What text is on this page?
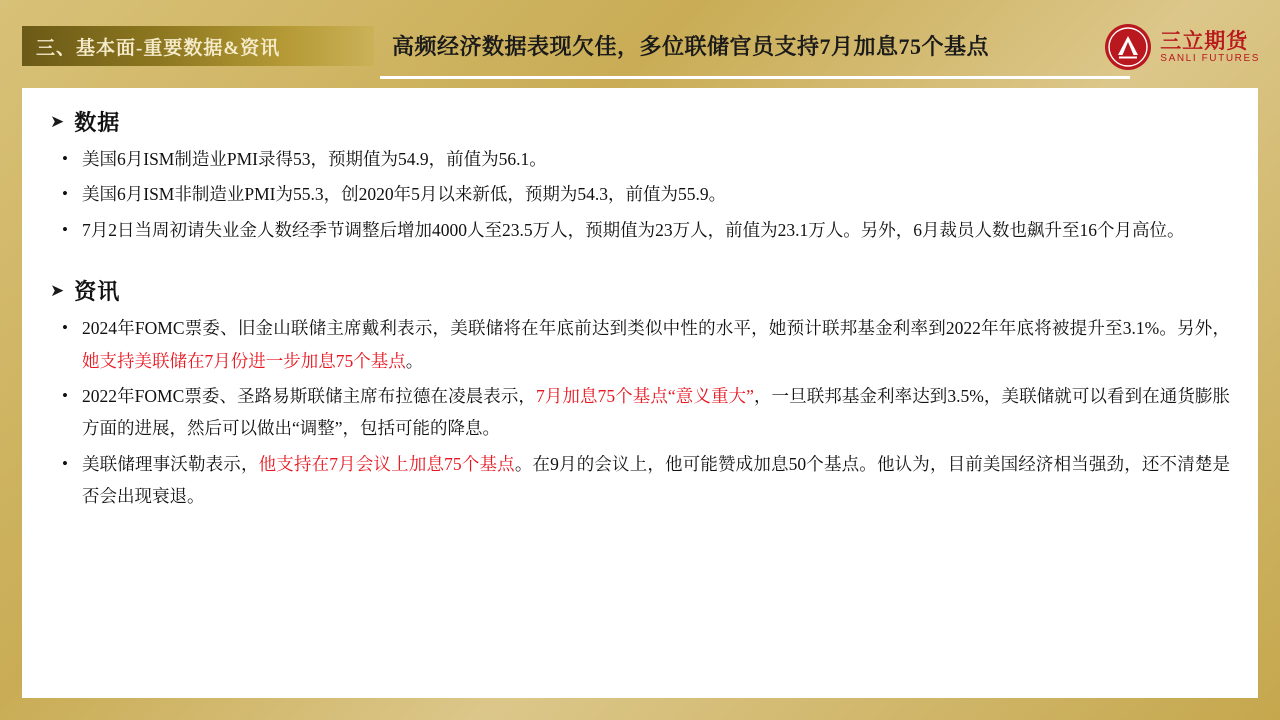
三、基本面-重要数据&资讯	高频经济数据表现欠佳，多位联储官员支持7月加息75个基点	三立期货
SANLI FUTURES
➤ 数据
• 美国6月ISM制造业PMI录得53，预期值为54.9，前值为56.1。
• 美国6月ISM非制造业PMI为55.3，创2020年5月以来新低，预期为54.3，前值为55.9。
• 7月2日当周初请失业金人数经季节调整后增加4000人至23.5万人，预期值为23万人，前值为23.1万人。另外，6月裁员人数也飙升至16个月高位。
➤ 资讯
• 2024年FOMC票委、旧金山联储主席戴利表示，美联储将在年底前达到类似中性的水平，她预计联邦基金利率到2022年年底将被提升至3.1%。另外，她支持美联储在7月份进一步加息75个基点。
• 2022年FOMC票委、圣路易斯联储主席布拉德在凌晨表示，7月加息75个基点“意义重大”，一旦联邦基金利率达到3.5%，美联储就可以看到在通货膨胀方面的进展，然后可以做出“调整”，包括可能的降息。
• 美联储理事沃勒表示，他支持在7月会议上加息75个基点。在9月的会议上，他可能赞成加息50个基点。他认为，目前美国经济相当强劲，还不清楚是否会出现衰退。
